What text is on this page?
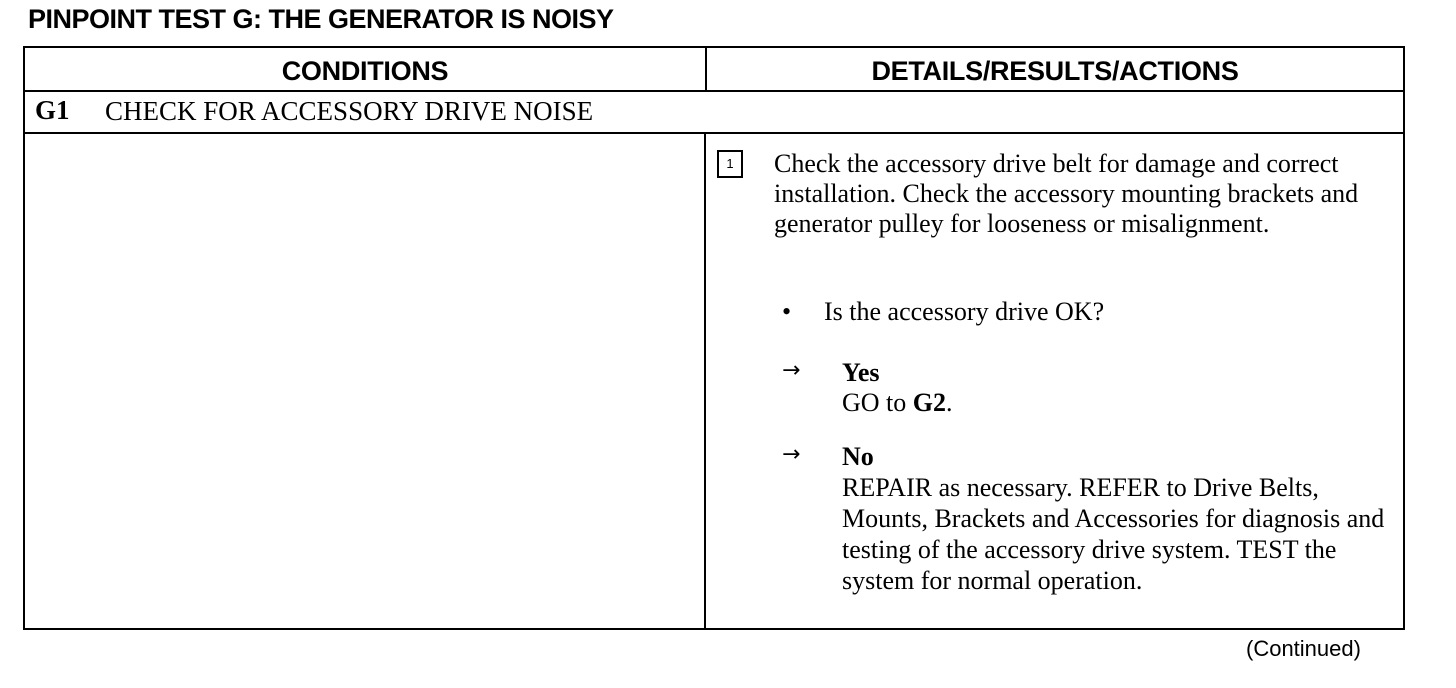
PINPOINT TEST G: THE GENERATOR IS NOISY
CONDITIONS	DETAILS/RESULTS/ACTIONS
G1 CHECK FOR ACCESSORY DRIVE NOISE
1	Check the accessory drive belt for damage and correct installation. Check the accessory mounting brackets and generator pulley for looseness or misalignment.
• Is the accessory drive OK?
→ Yes
GO to G2.
→ No
REPAIR as necessary. REFER to Drive Belts, Mounts, Brackets and Accessories for diagnosis and testing of the accessory drive system. TEST the system for normal operation.
(Continued)
